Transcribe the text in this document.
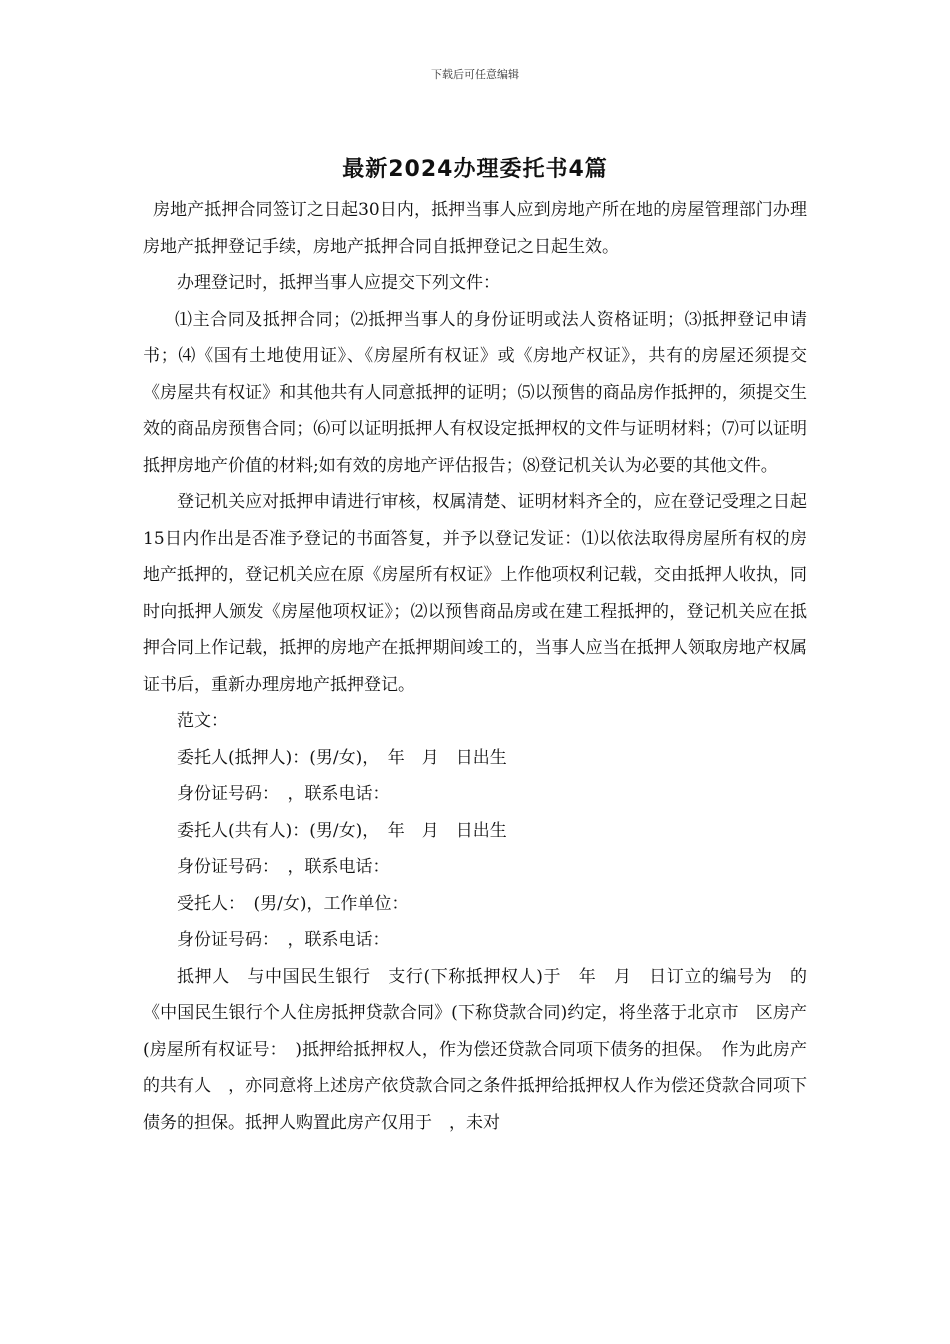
下载后可任意编辑
最新2024办理委托书4篇

房地产抵押合同签订之日起30日内，抵押当事人应到房地产所在地的房屋管理部门办理房地产抵押登记手续，房地产抵押合同自抵押登记之日起生效。

办理登记时，抵押当事人应提交下列文件：

⑴主合同及抵押合同；⑵抵押当事人的身份证明或法人资格证明；⑶抵押登记申请书；⑷《国有土地使用证》、《房屋所有权证》或《房地产权证》，共有的房屋还须提交《房屋共有权证》和其他共有人同意抵押的证明；⑸以预售的商品房作抵押的，须提交生效的商品房预售合同；⑹可以证明抵押人有权设定抵押权的文件与证明材料；⑺可以证明抵押房地产价值的材料;如有效的房地产评估报告；⑻登记机关认为必要的其他文件。

登记机关应对抵押申请进行审核，权属清楚、证明材料齐全的，应在登记受理之日起15日内作出是否准予登记的书面答复，并予以登记发证：⑴以依法取得房屋所有权的房地产抵押的，登记机关应在原《房屋所有权证》上作他项权利记载，交由抵押人收执，同时向抵押人颁发《房屋他项权证》；⑵以预售商品房或在建工程抵押的，登记机关应在抵押合同上作记载，抵押的房地产在抵押期间竣工的，当事人应当在抵押人领取房地产权属证书后，重新办理房地产抵押登记。

范文：

委托人(抵押人)：(男/女)，　年　月　日出生

身份证号码：　，联系电话：

委托人(共有人)：(男/女)，　年　月　日出生

身份证号码：　，联系电话：

受托人：　(男/女)，工作单位：

身份证号码：　，联系电话：

抵押人　与中国民生银行　支行(下称抵押权人)于　年　月　日订立的编号为　的《中国民生银行个人住房抵押贷款合同》(下称贷款合同)约定，将坐落于北京市　区房产(房屋所有权证号：　)抵押给抵押权人，作为偿还贷款合同项下债务的担保。　作为此房产的共有人　，亦同意将上述房产依贷款合同之条件抵押给抵押权人作为偿还贷款合同项下债务的担保。抵押人购置此房产仅用于　，未对
